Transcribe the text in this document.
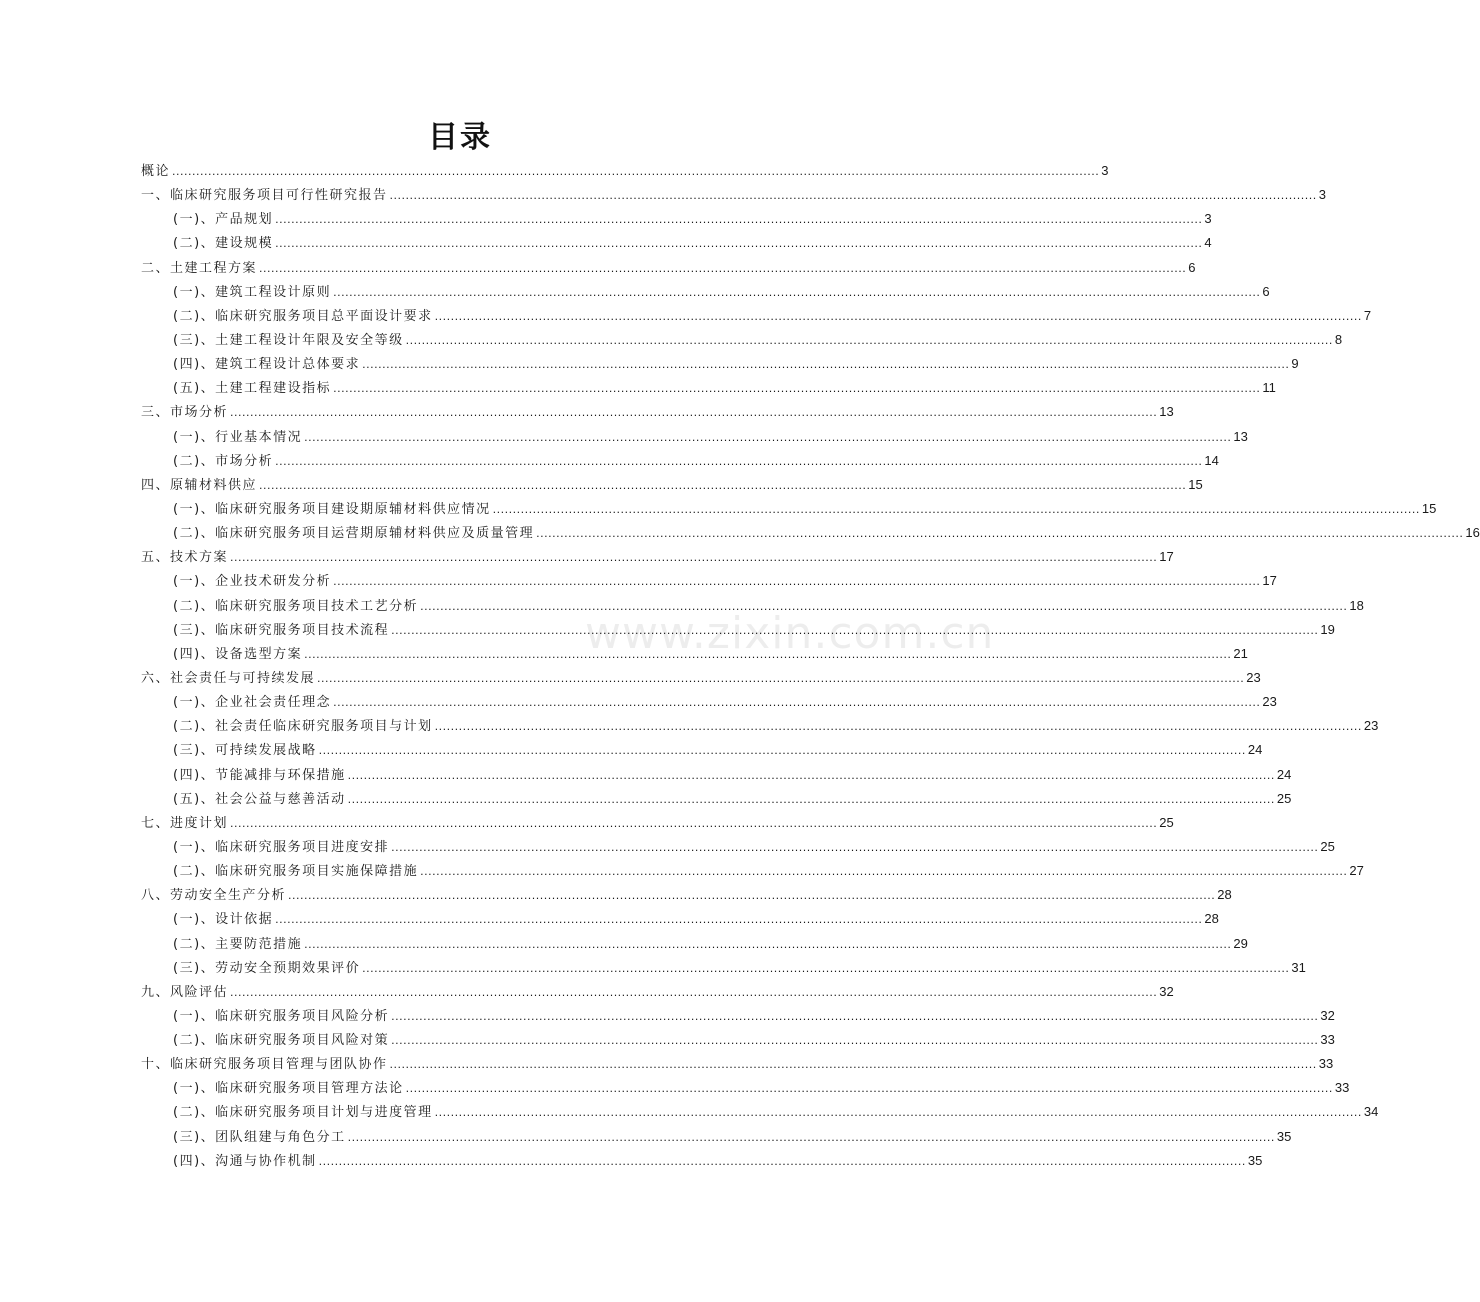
目录
www.zixin.com.cn
概论 .....	3
一、临床研究服务项目可行性研究报告 .....	3
(一)、产品规划 .....	3
(二)、建设规模 .....	4
二、土建工程方案 .....	6
(一)、建筑工程设计原则 .....	6
(二)、临床研究服务项目总平面设计要求 .....	7
(三)、土建工程设计年限及安全等级 .....	8
(四)、建筑工程设计总体要求 .....	9
(五)、土建工程建设指标 .....	11
三、市场分析 .....	13
(一)、行业基本情况 .....	13
(二)、市场分析 .....	14
四、原辅材料供应 .....	15
(一)、临床研究服务项目建设期原辅材料供应情况 .....	15
(二)、临床研究服务项目运营期原辅材料供应及质量管理 .....	16
五、技术方案 .....	17
(一)、企业技术研发分析 .....	17
(二)、临床研究服务项目技术工艺分析 .....	18
(三)、临床研究服务项目技术流程 .....	19
(四)、设备选型方案 .....	21
六、社会责任与可持续发展 .....	23
(一)、企业社会责任理念 .....	23
(二)、社会责任临床研究服务项目与计划 .....	23
(三)、可持续发展战略 .....	24
(四)、节能减排与环保措施 .....	24
(五)、社会公益与慈善活动 .....	25
七、进度计划 .....	25
(一)、临床研究服务项目进度安排 .....	25
(二)、临床研究服务项目实施保障措施 .....	27
八、劳动安全生产分析 .....	28
(一)、设计依据 .....	28
(二)、主要防范措施 .....	29
(三)、劳动安全预期效果评价 .....	31
九、风险评估 .....	32
(一)、临床研究服务项目风险分析 .....	32
(二)、临床研究服务项目风险对策 .....	33
十、临床研究服务项目管理与团队协作 .....	33
(一)、临床研究服务项目管理方法论 .....	33
(二)、临床研究服务项目计划与进度管理 .....	34
(三)、团队组建与角色分工 .....	35
(四)、沟通与协作机制 .....	35
